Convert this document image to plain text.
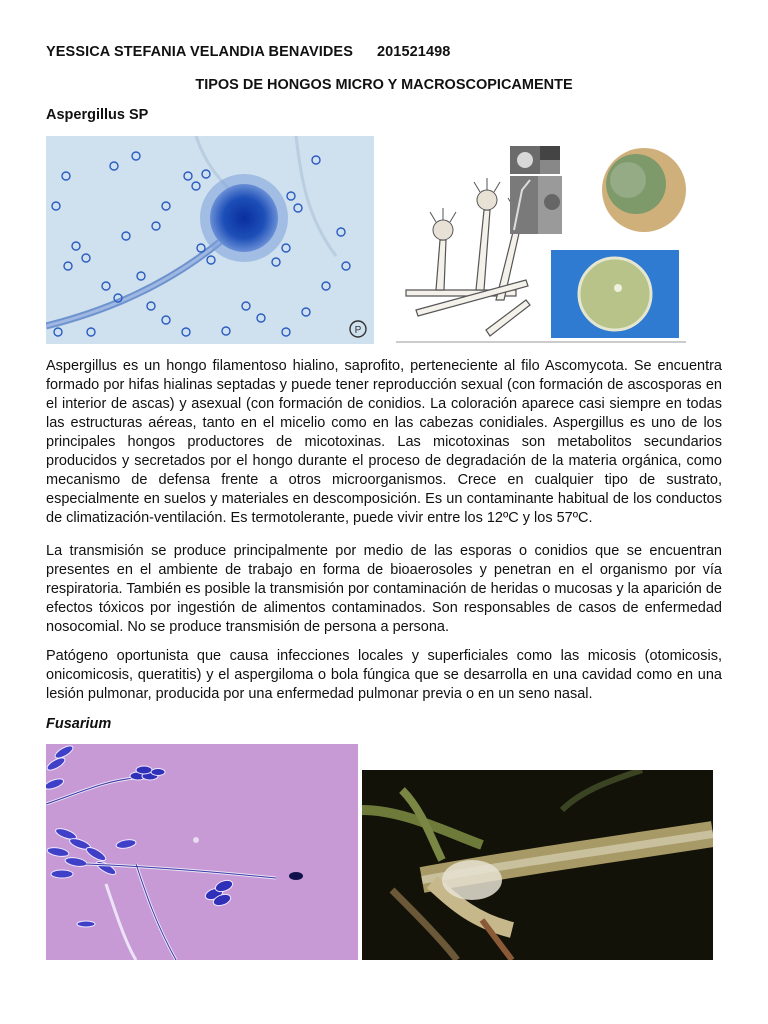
YESSICA STEFANIA VELANDIA BENAVIDES 201521498
TIPOS DE HONGOS MICRO Y MACROSCOPICAMENTE
Aspergillus SP
P

Aspergillus es un hongo filamentoso hialino, saprofito, perteneciente al filo Ascomycota. Se encuentra formado por hifas hialinas septadas y puede tener reproducción sexual (con formación de ascosporas en el interior de ascas) y asexual (con formación de conidios. La coloración aparece casi siempre en todas las estructuras aéreas, tanto en el micelio como en las cabezas conidiales. Aspergillus es uno de los principales hongos productores de micotoxinas. Las micotoxinas son metabolitos secundarios producidos y secretados por el hongo durante el proceso de degradación de la materia orgánica, como mecanismo de defensa frente a otros microorganismos. Crece en cualquier tipo de sustrato, especialmente en suelos y materiales en descomposición. Es un contaminante habitual de los conductos de climatización-ventilación. Es termotolerante, puede vivir entre los 12ºC y los 57ºC.

La transmisión se produce principalmente por medio de las esporas o conidios que se encuentran presentes en el ambiente de trabajo en forma de bioaerosoles y penetran en el organismo por vía respiratoria. También es posible la transmisión por contaminación de heridas o mucosas y la aparición de efectos tóxicos por ingestión de alimentos contaminados. Son responsables de casos de enfermedad nosocomial. No se produce transmisión de persona a persona.

Patógeno oportunista que causa infecciones locales y superficiales como las micosis (otomicosis, onicomicosis, queratitis) y el aspergiloma o bola fúngica que se desarrolla en una cavidad como en una lesión pulmonar, producida por una enfermedad pulmonar previa o en un seno nasal.

Fusarium
